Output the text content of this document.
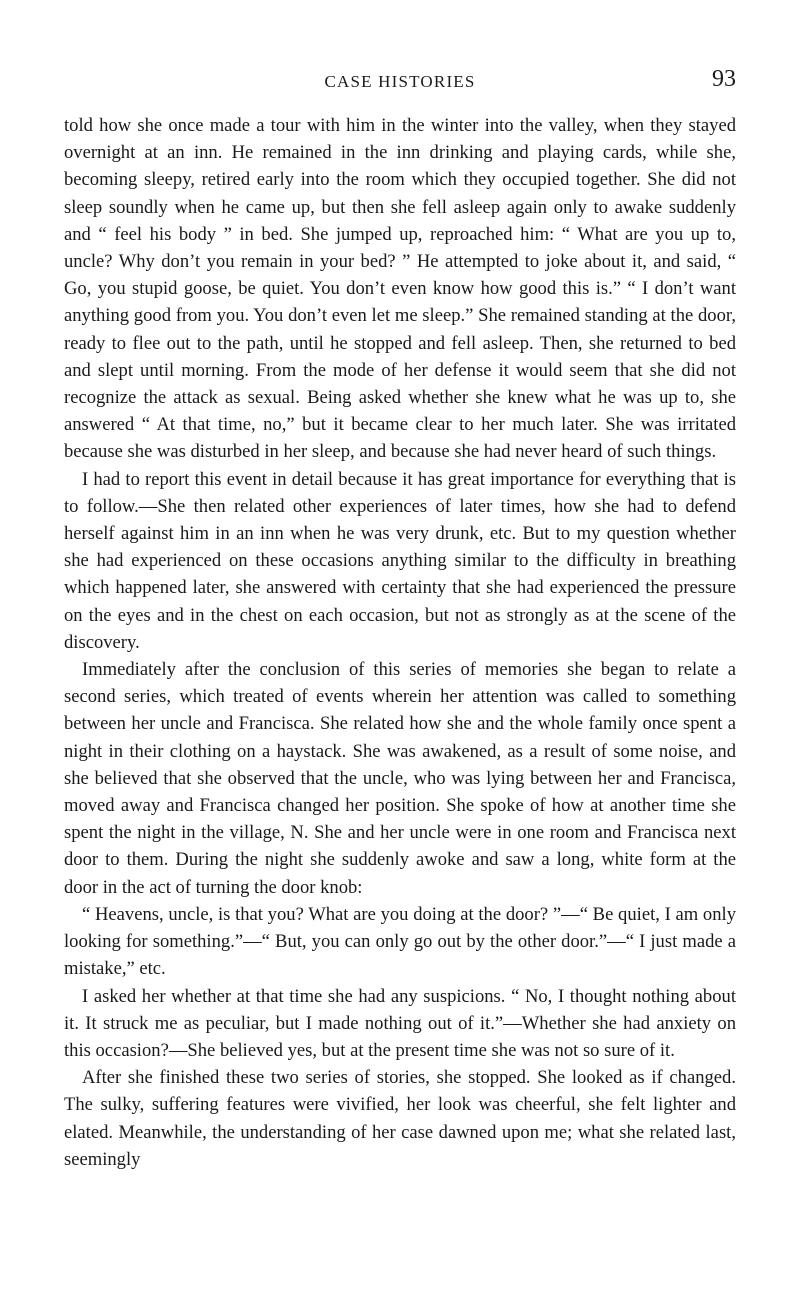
CASE HISTORIES	93

told how she once made a tour with him in the winter into the valley, when they stayed overnight at an inn. He remained in the inn drinking and playing cards, while she, becoming sleepy, retired early into the room which they occupied together. She did not sleep soundly when he came up, but then she fell asleep again only to awake suddenly and “ feel his body ” in bed. She jumped up, reproached him: “ What are you up to, uncle? Why don’t you remain in your bed? ” He attempted to joke about it, and said, “ Go, you stupid goose, be quiet. You don’t even know how good this is.” “ I don’t want anything good from you. You don’t even let me sleep.” She remained standing at the door, ready to flee out to the path, until he stopped and fell asleep. Then, she returned to bed and slept until morning. From the mode of her defense it would seem that she did not recognize the attack as sexual. Being asked whether she knew what he was up to, she answered “ At that time, no,” but it became clear to her much later. She was irritated because she was disturbed in her sleep, and because she had never heard of such things.

I had to report this event in detail because it has great importance for everything that is to follow.—She then related other experiences of later times, how she had to defend herself against him in an inn when he was very drunk, etc. But to my question whether she had experienced on these occasions anything similar to the difficulty in breathing which happened later, she answered with certainty that she had experienced the pressure on the eyes and in the chest on each occasion, but not as strongly as at the scene of the discovery.

Immediately after the conclusion of this series of memories she began to relate a second series, which treated of events wherein her attention was called to something between her uncle and Francisca. She related how she and the whole family once spent a night in their clothing on a haystack. She was awakened, as a result of some noise, and she believed that she observed that the uncle, who was lying between her and Francisca, moved away and Francisca changed her position. She spoke of how at another time she spent the night in the village, N. She and her uncle were in one room and Francisca next door to them. During the night she suddenly awoke and saw a long, white form at the door in the act of turning the door knob:

“ Heavens, uncle, is that you? What are you doing at the door? ”—“ Be quiet, I am only looking for something.”—“ But, you can only go out by the other door.”—“ I just made a mistake,” etc.

I asked her whether at that time she had any suspicions. “ No, I thought nothing about it. It struck me as peculiar, but I made nothing out of it.”—Whether she had anxiety on this occasion?—She believed yes, but at the present time she was not so sure of it.

After she finished these two series of stories, she stopped. She looked as if changed. The sulky, suffering features were vivified, her look was cheerful, she felt lighter and elated. Meanwhile, the understanding of her case dawned upon me; what she related last, seemingly
